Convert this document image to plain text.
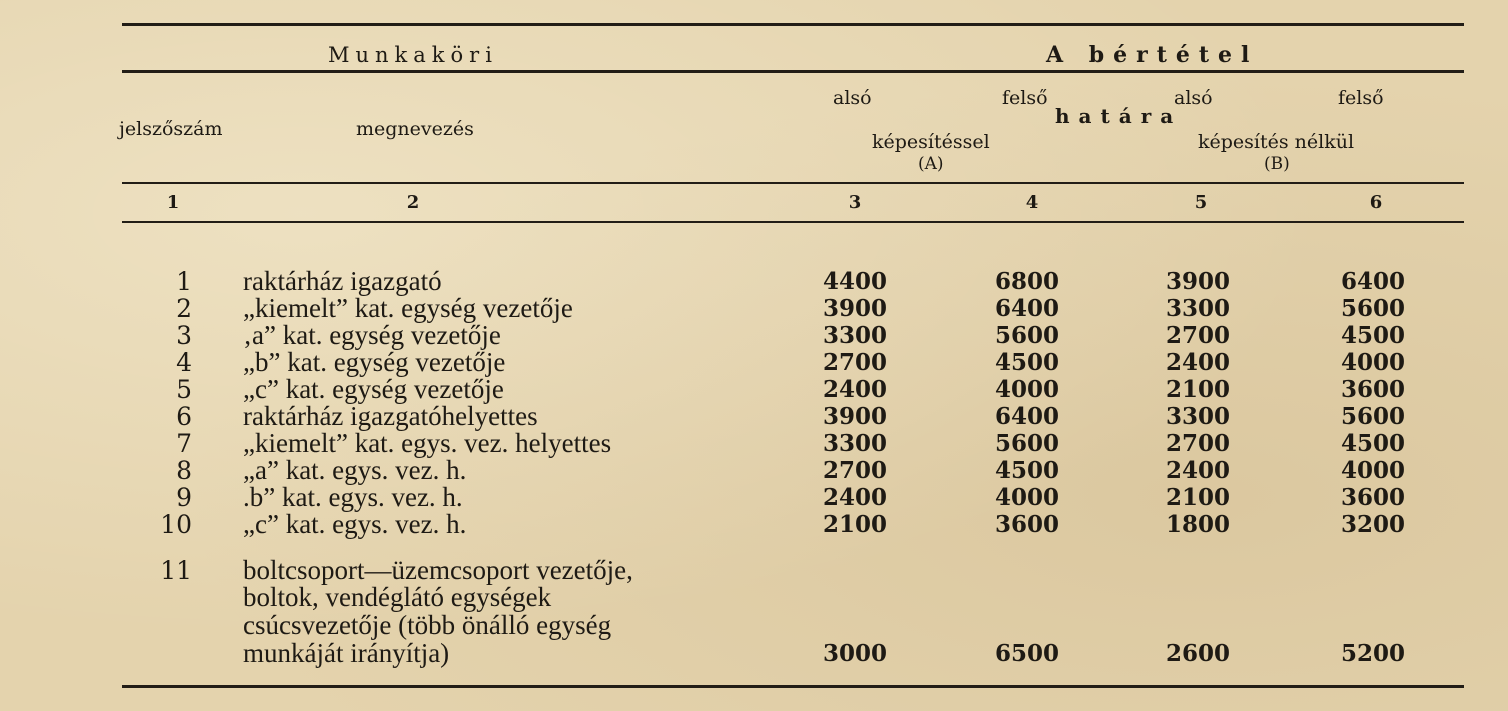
Munkaköri	A bértétel
jelszőszám	megnevezés
alsó	felső	alsó	felső
határa
képesítéssel
(A)
képesítés nélkül
(B)
1	2	3	4	5	6
1 raktárház igazgató	4400	6800	3900	6400
2 „kiemelt” kat. egység vezetője	3900	6400	3300	5600
3 ‚a” kat. egység vezetője	3300	5600	2700	4500
4 „b” kat. egység vezetője	2700	4500	2400	4000
5 „c” kat. egység vezetője	2400	4000	2100	3600
6 raktárház igazgatóhelyettes	3900	6400	3300	5600
7 „kiemelt” kat. egys. vez. helyettes	3300	5600	2700	4500
8 „a” kat. egys. vez. h.	2700	4500	2400	4000
9 .b” kat. egys. vez. h.	2400	4000	2100	3600
10 „c” kat. egys. vez. h.	2100	3600	1800	3200
11 boltcsoport—üzemcsoport vezetője,
boltok, vendéglátó egységek
csúcsvezetője (több önálló egység
munkáját irányítja)	3000	6500	2600	5200
